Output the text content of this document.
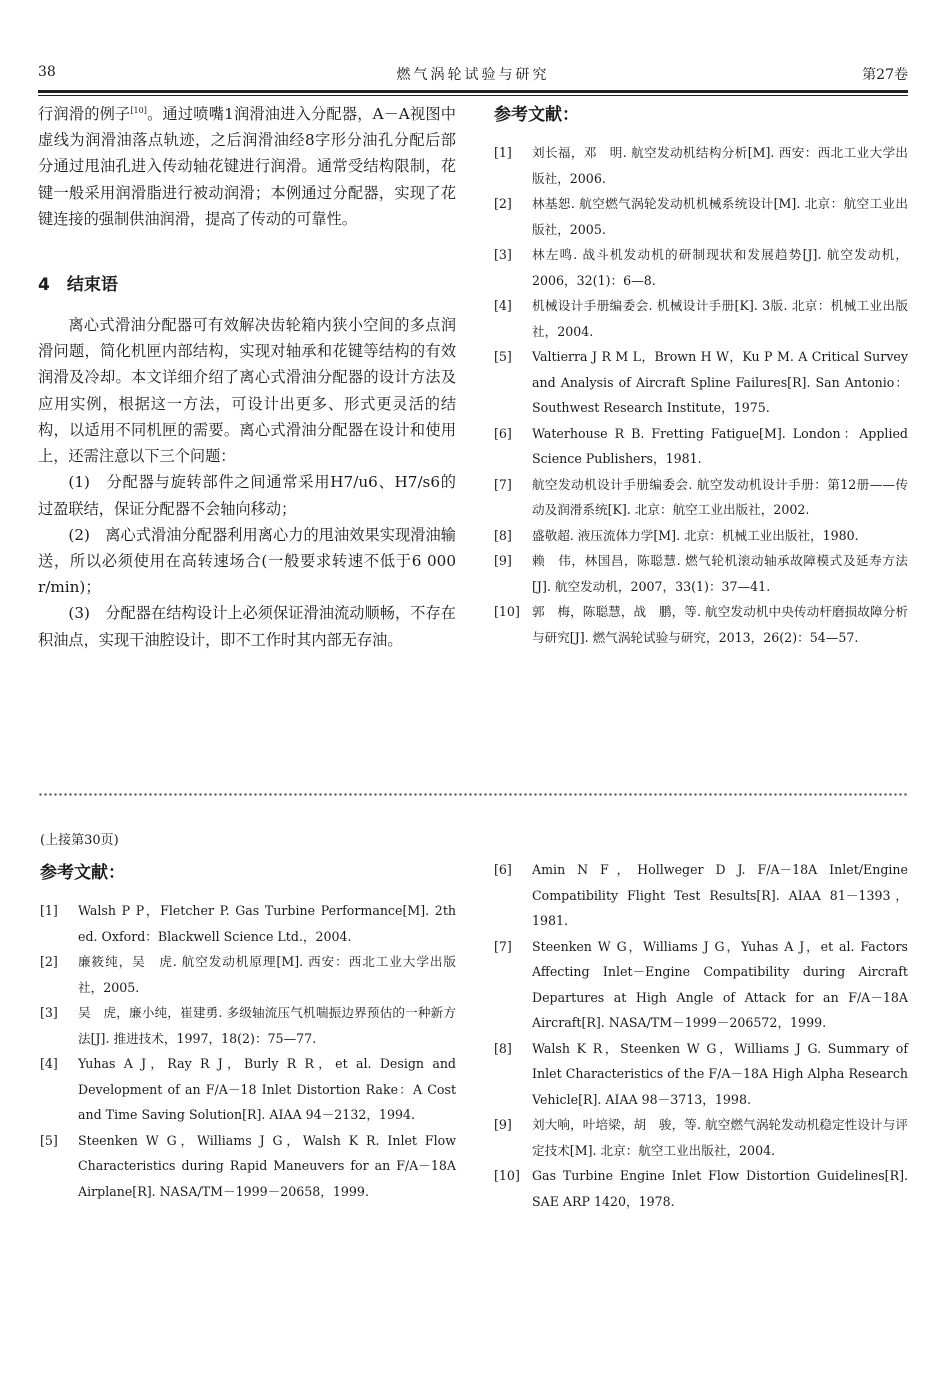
38	燃气涡轮试验与研究	第27卷

行润滑的例子[10]。通过喷嘴1润滑油进入分配器，A－A视图中虚线为润滑油落点轨迹，之后润滑油经8字形分油孔分配后部分通过甩油孔进入传动轴花键进行润滑。通常受结构限制，花键一般采用润滑脂进行被动润滑；本例通过分配器，实现了花键连接的强制供油润滑，提高了传动的可靠性。

4　结束语

离心式滑油分配器可有效解决齿轮箱内狭小空间的多点润滑问题，简化机匣内部结构，实现对轴承和花键等结构的有效润滑及冷却。本文详细介绍了离心式滑油分配器的设计方法及应用实例，根据这一方法，可设计出更多、形式更灵活的结构，以适用不同机匣的需要。离心式滑油分配器在设计和使用上，还需注意以下三个问题：

(1)　分配器与旋转部件之间通常采用H7/u6、H7/s6的过盈联结，保证分配器不会轴向移动；

(2)　离心式滑油分配器利用离心力的甩油效果实现滑油输送，所以必须使用在高转速场合(一般要求转速不低于6 000 r/min)；

(3)　分配器在结构设计上必须保证滑油流动顺畅，不存在积油点，实现干油腔设计，即不工作时其内部无存油。

参考文献：
[1] 刘长福，邓　明. 航空发动机结构分析[M]. 西安：西北工业大学出版社，2006.
[2] 林基恕. 航空燃气涡轮发动机机械系统设计[M]. 北京：航空工业出版社，2005.
[3] 林左鸣. 战斗机发动机的研制现状和发展趋势[J]. 航空发动机，2006，32(1)：6—8.
[4] 机械设计手册编委会. 机械设计手册[K]. 3版. 北京：机械工业出版社，2004.
[5] Valtierra J R M L，Brown H W，Ku P M. A Critical Survey and Analysis of Aircraft Spline Failures[R]. San Antonio：Southwest Research Institute，1975.
[6] Waterhouse R B. Fretting Fatigue[M]. London：Applied Science Publishers，1981.
[7] 航空发动机设计手册编委会. 航空发动机设计手册：第12册——传动及润滑系统[K]. 北京：航空工业出版社，2002.
[8] 盛敬超. 液压流体力学[M]. 北京：机械工业出版社，1980.
[9] 赖　伟，林国昌，陈聪慧. 燃气轮机滚动轴承故障模式及延寿方法[J]. 航空发动机，2007，33(1)：37—41.
[10] 郭　梅，陈聪慧，战　鹏，等. 航空发动机中央传动杆磨损故障分析与研究[J]. 燃气涡轮试验与研究，2013，26(2)：54—57.
(上接第30页)
参考文献：
[1] Walsh P P，Fletcher P. Gas Turbine Performance[M]. 2th ed. Oxford：Blackwell Science Ltd.，2004.
[2] 廉筱纯，吴　虎. 航空发动机原理[M]. 西安：西北工业大学出版社，2005.
[3] 吴　虎，廉小纯，崔建勇. 多级轴流压气机喘振边界预估的一种新方法[J]. 推进技术，1997，18(2)：75—77.
[4] Yuhas A J，Ray R J，Burly R R，et al. Design and Development of an F/A－18 Inlet Distortion Rake：A Cost and Time Saving Solution[R]. AIAA 94－2132，1994.
[5] Steenken W G，Williams J G，Walsh K R. Inlet Flow Characteristics during Rapid Maneuvers for an F/A－18A Airplane[R]. NASA/TM－1999－20658，1999.
[6] Amin N F，Hollweger D J. F/A－18A Inlet/Engine Compatibility Flight Test Results[R]. AIAA 81－1393，1981.
[7] Steenken W G，Williams J G，Yuhas A J，et al. Factors Affecting Inlet－Engine Compatibility during Aircraft Departures at High Angle of Attack for an F/A－18A Aircraft[R]. NASA/TM－1999－206572，1999.
[8] Walsh K R，Steenken W G，Williams J G. Summary of Inlet Characteristics of the F/A－18A High Alpha Research Vehicle[R]. AIAA 98－3713，1998.
[9] 刘大响，叶培梁，胡　骏，等. 航空燃气涡轮发动机稳定性设计与评定技术[M]. 北京：航空工业出版社，2004.
[10] Gas Turbine Engine Inlet Flow Distortion Guidelines[R]. SAE ARP 1420，1978.
